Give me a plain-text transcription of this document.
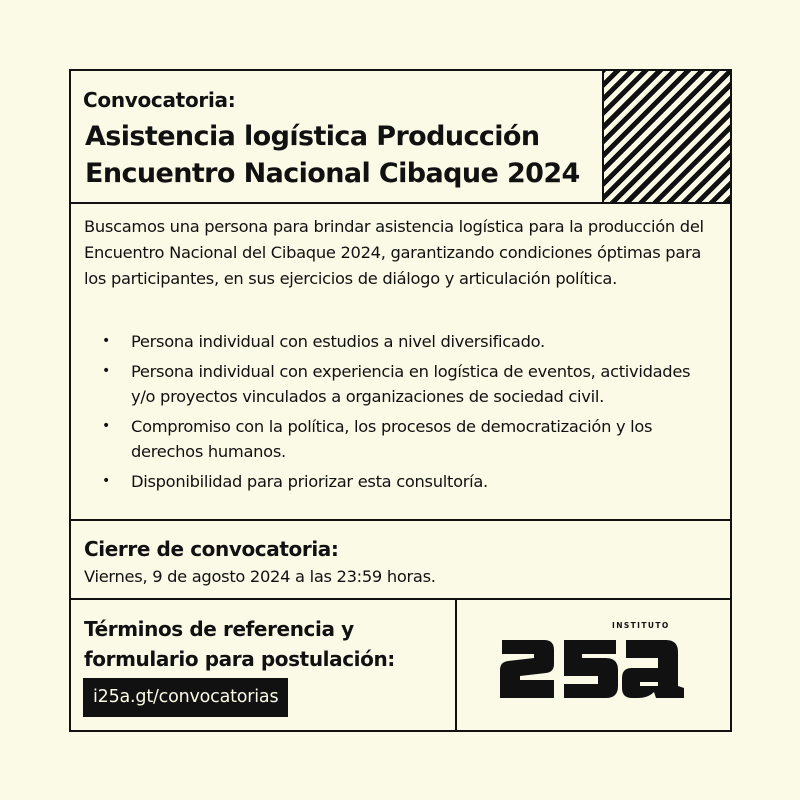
Convocatoria:
Asistencia logística Producción Encuentro Nacional Cibaque 2024

Buscamos una persona para brindar asistencia logística para la producción del Encuentro Nacional del Cibaque 2024, garantizando condiciones óptimas para los participantes, en sus ejercicios de diálogo y articulación política.

• Persona individual con estudios a nivel diversificado.
• Persona individual con experiencia en logística de eventos, actividades y/o proyectos vinculados a organizaciones de sociedad civil.
• Compromiso con la política, los procesos de democratización y los derechos humanos.
• Disponibilidad para priorizar esta consultoría.
Cierre de convocatoria:
Viernes, 9 de agosto 2024 a las 23:59 horas.
Términos de referencia y formulario para postulación:
i25a.gt/convocatorias
INSTITUTO
